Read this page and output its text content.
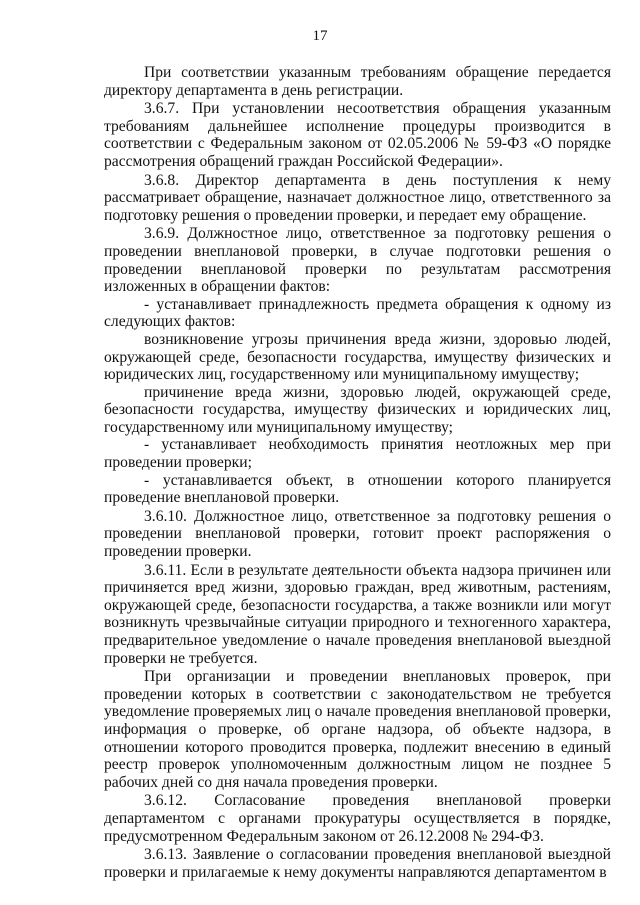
17

При соответствии указанным требованиям обращение передается директору департамента в день регистрации.

3.6.7. При установлении несоответствия обращения указанным требованиям дальнейшее исполнение процедуры производится в соответствии с Федеральным законом от 02.05.2006 № 59-ФЗ «О порядке рассмотрения обращений граждан Российской Федерации».

3.6.8. Директор департамента в день поступления к нему рассматривает обращение, назначает должностное лицо, ответственного за подготовку решения о проведении проверки, и передает ему обращение.

3.6.9. Должностное лицо, ответственное за подготовку решения о проведении внеплановой проверки, в случае подготовки решения о проведении внеплановой проверки по результатам рассмотрения изложенных в обращении фактов:

- устанавливает принадлежность предмета обращения к одному из следующих фактов:

возникновение угрозы причинения вреда жизни, здоровью людей, окружающей среде, безопасности государства, имуществу физических и юридических лиц, государственному или муниципальному имуществу;

причинение вреда жизни, здоровью людей, окружающей среде, безопасности государства, имуществу физических и юридических лиц, государственному или муниципальному имуществу;

- устанавливает необходимость принятия неотложных мер при проведении проверки;

- устанавливается объект, в отношении которого планируется проведение внеплановой проверки.

3.6.10. Должностное лицо, ответственное за подготовку решения о проведении внеплановой проверки, готовит проект распоряжения о проведении проверки.

3.6.11. Если в результате деятельности объекта надзора причинен или причиняется вред жизни, здоровью граждан, вред животным, растениям, окружающей среде, безопасности государства, а также возникли или могут возникнуть чрезвычайные ситуации природного и техногенного характера, предварительное уведомление о начале проведения внеплановой выездной проверки не требуется.

При организации и проведении внеплановых проверок, при проведении которых в соответствии с законодательством не требуется уведомление проверяемых лиц о начале проведения внеплановой проверки, информация о проверке, об органе надзора, об объекте надзора, в отношении которого проводится проверка, подлежит внесению в единый реестр проверок уполномоченным должностным лицом не позднее 5 рабочих дней со дня начала проведения проверки.

3.6.12. Согласование проведения внеплановой проверки департаментом с органами прокуратуры осуществляется в порядке, предусмотренном Федеральным законом от 26.12.2008 № 294-ФЗ.

3.6.13. Заявление о согласовании проведения внеплановой выездной проверки и прилагаемые к нему документы направляются департаментом в
